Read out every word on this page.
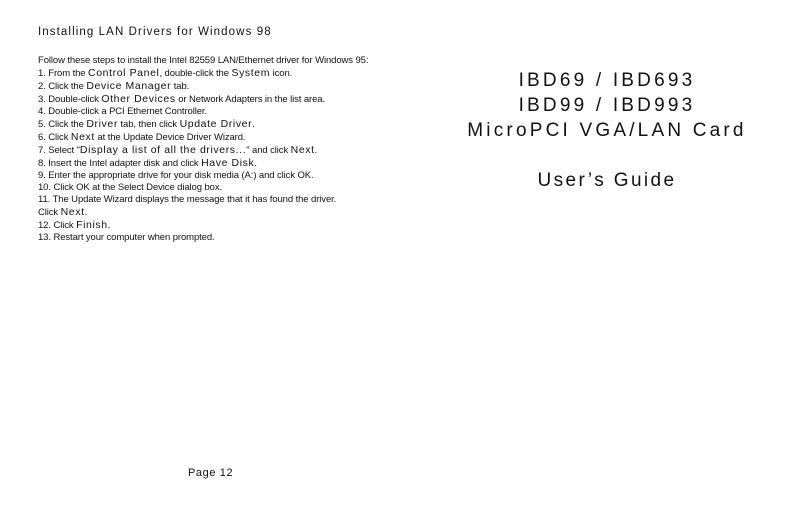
Installing LAN Drivers for Windows 98

Follow these steps to install the Intel 82559 LAN/Ethernet driver for Windows 95:

1. From the Control Panel, double-click the System icon.
2. Click the Device Manager tab.
3. Double-click Other Devices or Network Adapters in the list area.
4. Double-click a PCI Ethernet Controller.
5. Click the Driver tab, then click Update Driver.
6. Click Next at the Update Device Driver Wizard.
7. Select "Display a list of all the drivers..." and click Next.
8. Insert the Intel adapter disk and click Have Disk.
9. Enter the appropriate drive for your disk media (A:) and click OK.
10. Click OK at the Select Device dialog box.
11. The Update Wizard displays the message that it has found the driver.
Click Next.
12. Click Finish.
13. Restart your computer when prompted.
Page 12

IBD69 / IBD693

IBD99 / IBD993

MicroPCI VGA/LAN Card

User’s Guide
